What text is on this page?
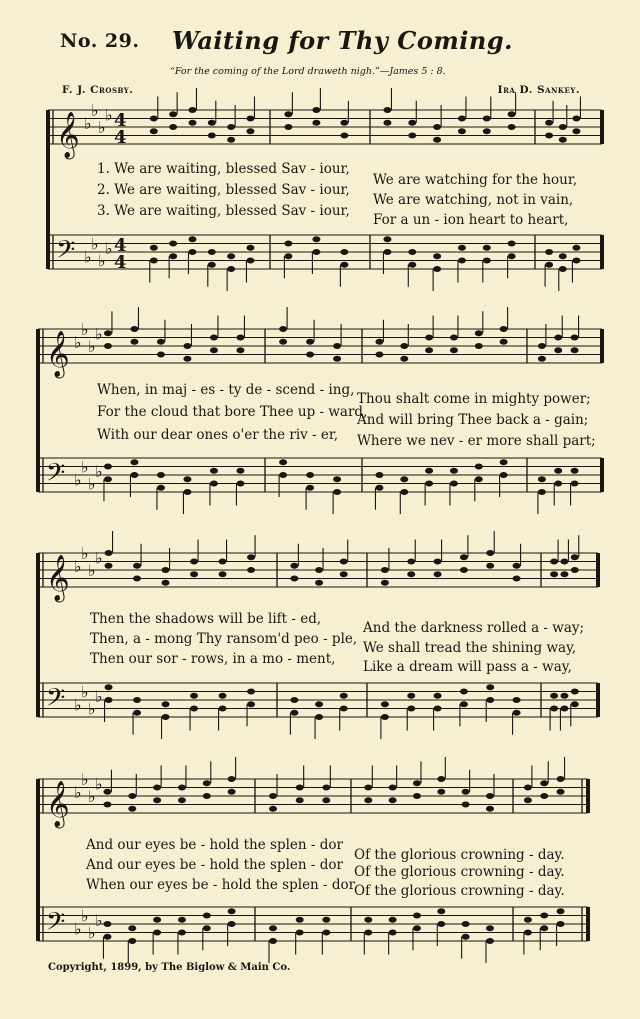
No. 29. Waiting for Thy Coming.
“For the coming of the Lord draweth nigh.”—James 5 : 8.
F. J. Crosby.	Ira D. Sankey.
𝄞
𝄢
♭
♭
♭
♭
♭
♭
♭
♭
4
4
4
4
𝄞
𝄢
♭
♭
♭
♭
♭
♭
♭
♭
𝄞
𝄢
♭
♭
♭
♭
♭
♭
♭
♭
𝄞
𝄢
♭
♭
♭
♭
♭
♭
♭
♭
1. We are waiting, blessed Sav - iour,
We are watching for the hour,
2. We are waiting, blessed Sav - iour,
We are watching, not in vain,
3. We are waiting, blessed Sav - iour,
For a un - ion heart to heart,
When, in maj - es - ty de - scend - ing,
Thou shalt come in mighty power;
For the cloud that bore Thee up - ward,
And will bring Thee back a - gain;
With our dear ones o'er the riv - er, Where we nev - er more shall part;
Then the shadows will be lift - ed,
And the darkness rolled a - way;
Then, a - mong Thy ransom'd peo - ple,
We shall tread the shining way,
Then our sor - rows, in a mo - ment, Like a dream will pass a - way,
And our eyes be - hold the splen - dor
Of the glorious crowning - day.
And our eyes be - hold the splen - dor Of the glorious crowning - day.
When our eyes be - hold the splen - dor
Of the glorious crowning - day.
Copyright, 1899, by The Biglow & Main Co.
